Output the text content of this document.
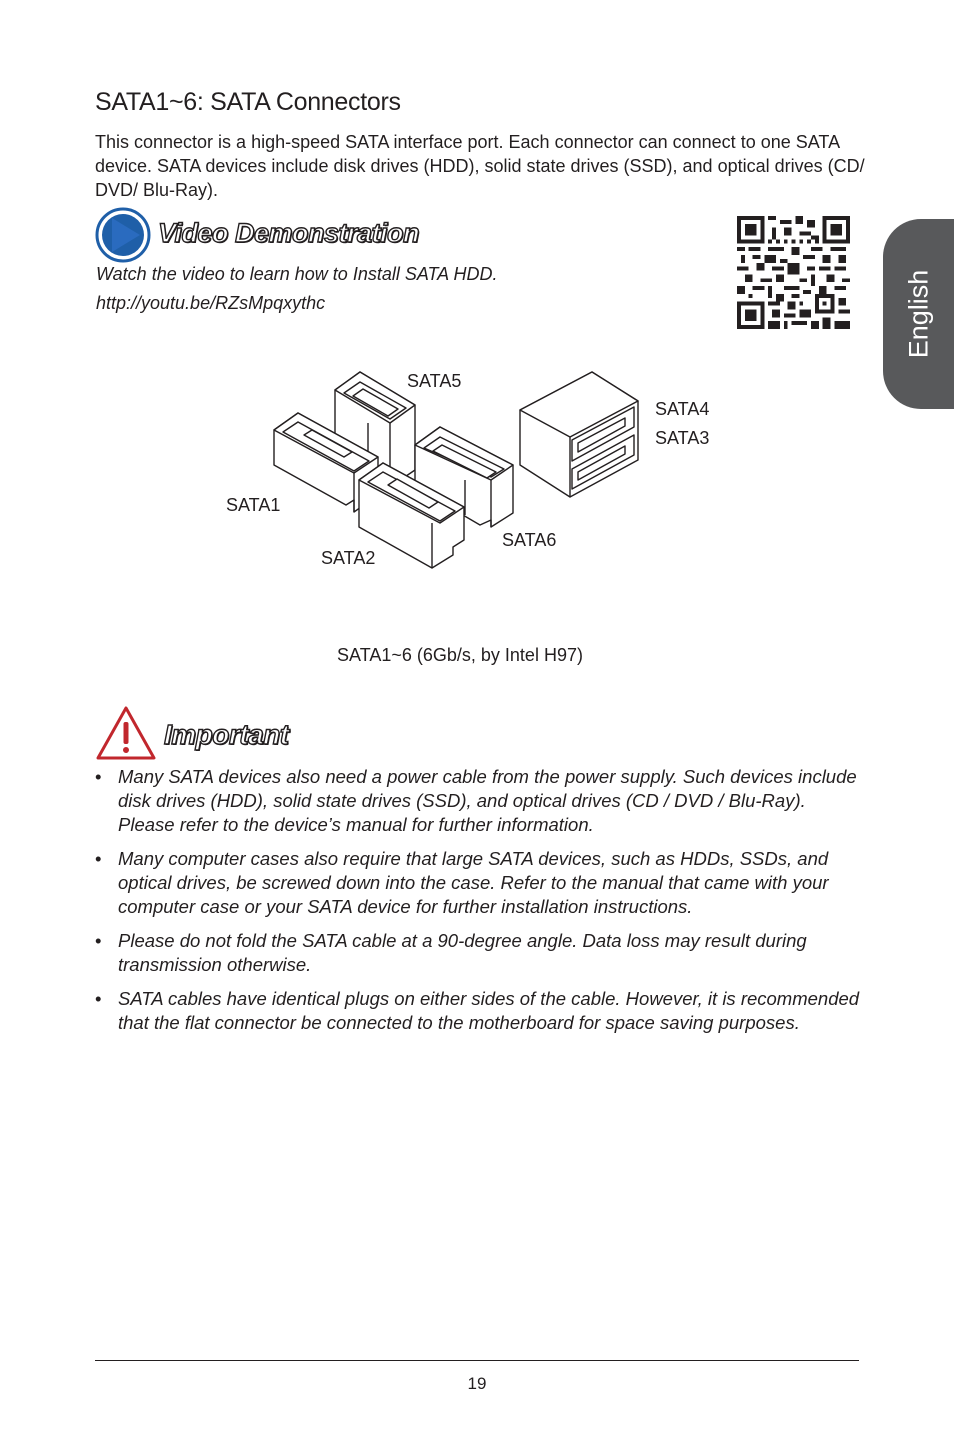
SATA1~6: SATA Connectors

This connector is a high-speed SATA interface port. Each connector can connect to one SATA device. SATA devices include disk drives (HDD), solid state drives (SSD), and optical drives (CD/ DVD/ Blu-Ray).

English

Video Demonstration

Watch the video to learn how to Install SATA HDD.

http://youtu.be/RZsMpqxythc

SATA5

SATA4

SATA3

SATA1

SATA6

SATA2

SATA1~6 (6Gb/s, by Intel H97)

Important

• Many SATA devices also need a power cable from the power supply. Such devices include disk drives (HDD), solid state drives (SSD), and optical drives (CD / DVD / Blu-Ray). Please refer to the device’s manual for further information.
• Many computer cases also require that large SATA devices, such as HDDs, SSDs, and optical drives, be screwed down into the case. Refer to the manual that came with your computer case or your SATA device for further installation instructions.
• Please do not fold the SATA cable at a 90-degree angle. Data loss may result during transmission otherwise.
• SATA cables have identical plugs on either sides of the cable. However, it is recommended that the flat connector be connected to the motherboard for space saving purposes.

19
